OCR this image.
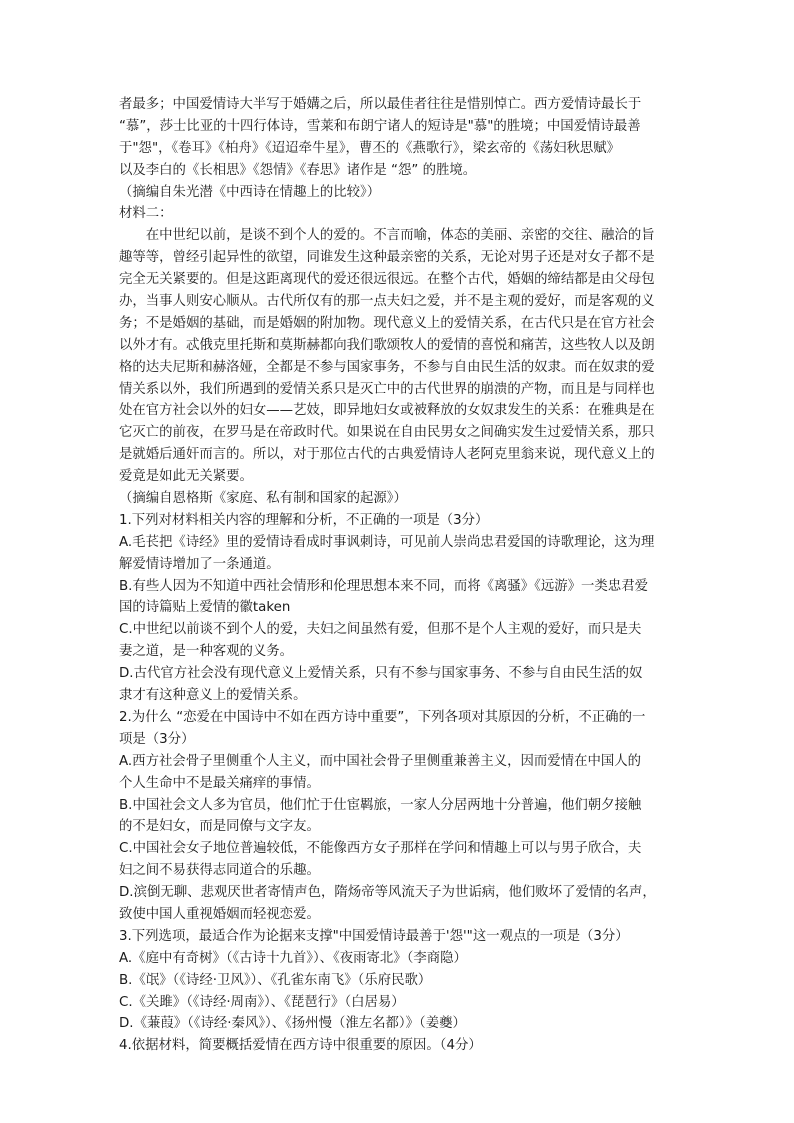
者最多；中国爱情诗大半写于婚媾之后，所以最佳者往往是惜别悼亡。西方爱情诗最长于
“慕”，莎士比亚的十四行体诗，雪莱和布朗宁诸人的短诗是"慕"的胜境；中国爱情诗最善
于"怨"，《卷耳》《柏舟》《迢迢牵牛星》，曹丕的《燕歌行》，梁玄帝的《荡妇秋思赋》
以及李白的《长相思》《怨情》《春思》诸作是 “怨” 的胜境。
（摘编自朱光潜《中西诗在情趣上的比较》）
材料二：
　　在中世纪以前，是谈不到个人的爱的。不言而喻，体态的美丽、亲密的交往、融洽的旨
趣等等，曾经引起异性的欲望，同谁发生这种最亲密的关系，无论对男子还是对女子都不是
完全无关紧要的。但是这距离现代的爱还很远很远。在整个古代，婚姻的缔结都是由父母包
办，当事人则安心顺从。古代所仅有的那一点夫妇之爱，并不是主观的爱好，而是客观的义
务；不是婚姻的基础，而是婚姻的附加物。现代意义上的爱情关系，在古代只是在官方社会
以外才有。忒俄克里托斯和莫斯赫都向我们歌颂牧人的爱情的喜悦和痛苦，这些牧人以及朗
格的达夫尼斯和赫洛娅，全都是不参与国家事务，不参与自由民生活的奴隶。而在奴隶的爱
情关系以外，我们所遇到的爱情关系只是灭亡中的古代世界的崩溃的产物，而且是与同样也
处在官方社会以外的妇女——艺妓，即异地妇女或被释放的女奴隶发生的关系：在雅典是在
它灭亡的前夜，在罗马是在帝政时代。如果说在自由民男女之间确实发生过爱情关系，那只
是就婚后通奸而言的。所以，对于那位古代的古典爱情诗人老阿克里翁来说，现代意义上的
爱竟是如此无关紧要。
（摘编自恩格斯《家庭、私有制和国家的起源》）
1.下列对材料相关内容的理解和分析，不正确的一项是（3分）
A.毛苌把《诗经》里的爱情诗看成时事讽刺诗，可见前人崇尚忠君爱国的诗歌理论，这为理
解爱情诗增加了一条通道。
B.有些人因为不知道中西社会情形和伦理思想本来不同，而将《离骚》《远游》一类忠君爱
国的诗篇贴上爱情的徽taken
C.中世纪以前谈不到个人的爱，夫妇之间虽然有爱，但那不是个人主观的爱好，而只是夫
妻之道，是一种客观的义务。
D.古代官方社会没有现代意义上爱情关系，只有不参与国家事务、不参与自由民生活的奴
隶才有这种意义上的爱情关系。
2.为什么 “恋爱在中国诗中不如在西方诗中重要”，下列各项对其原因的分析，不正确的一
项是（3分）
A.西方社会骨子里侧重个人主义，而中国社会骨子里侧重兼善主义，因而爱情在中国人的
个人生命中不是最关痛痒的事情。
B.中国社会文人多为官员，他们忙于仕宦羁旅，一家人分居两地十分普遍，他们朝夕接触
的不是妇女，而是同僚与文字友。
C.中国社会女子地位普遍较低，不能像西方女子那样在学问和情趣上可以与男子欣合，夫
妇之间不易获得志同道合的乐趣。
D.滨倒无聊、悲观厌世者寄情声色，隋炀帝等风流天子为世诟病，他们败坏了爱情的名声，
致使中国人重视婚姻而轻视恋爱。
3.下列选项，最适合作为论据来支撑"中国爱情诗最善于'怨'"这一观点的一项是（3分）
A.《庭中有奇树》（《古诗十九首》）、《夜雨寄北》（李商隐）
B.《氓》（《诗经·卫风》）、《孔雀东南飞》（乐府民歌）
C.《关雎》（《诗经·周南》）、《琵琶行》（白居易）
D.《蒹葭》（《诗经·秦风》）、《扬州慢（淮左名都）》（姜夔）
4.依据材料，简要概括爱情在西方诗中很重要的原因。（4分）
